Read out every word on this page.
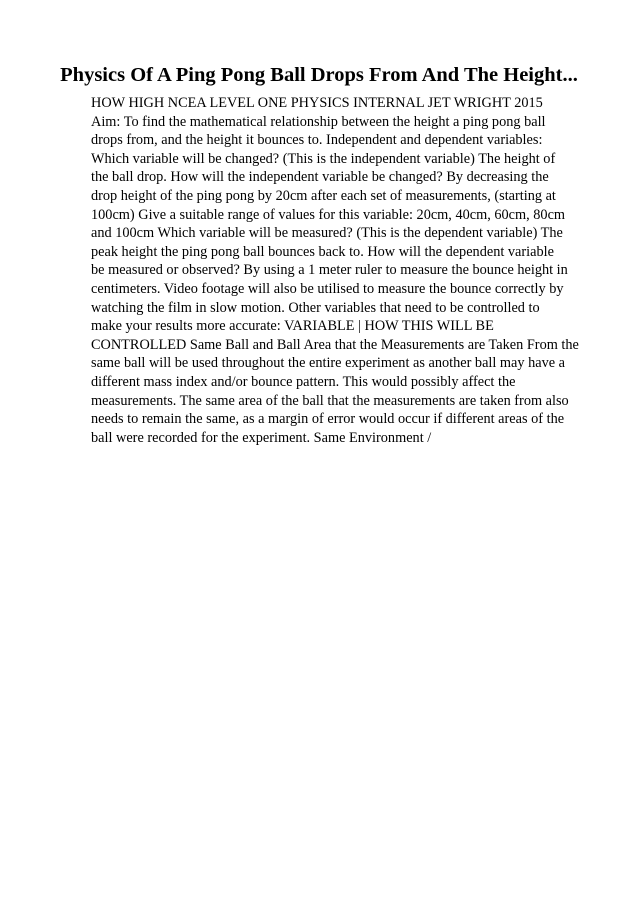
Physics Of A Ping Pong Ball Drops From And The Height...
HOW HIGH NCEA LEVEL ONE PHYSICS INTERNAL JET WRIGHT 2015
Aim: To find the mathematical relationship between the height a ping pong ball
drops from, and the height it bounces to. Independent and dependent variables:
Which variable will be changed? (This is the independent variable) The height of
the ball drop. How will the independent variable be changed? By decreasing the
drop height of the ping pong by 20cm after each set of measurements, (starting at
100cm) Give a suitable range of values for this variable: 20cm, 40cm, 60cm, 80cm
and 100cm Which variable will be measured? (This is the dependent variable) The
peak height the ping pong ball bounces back to. How will the dependent variable
be measured or observed? By using a 1 meter ruler to measure the bounce height in
centimeters. Video footage will also be utilised to measure the bounce correctly by
watching the film in slow motion. Other variables that need to be controlled to
make your results more accurate: VARIABLE | HOW THIS WILL BE
CONTROLLED Same Ball and Ball Area that the Measurements are Taken From the
same ball will be used throughout the entire experiment as another ball may have a
different mass index and/or bounce pattern. This would possibly affect the
measurements. The same area of the ball that the measurements are taken from also
needs to remain the same, as a margin of error would occur if different areas of the
ball were recorded for the experiment. Same Environment /
